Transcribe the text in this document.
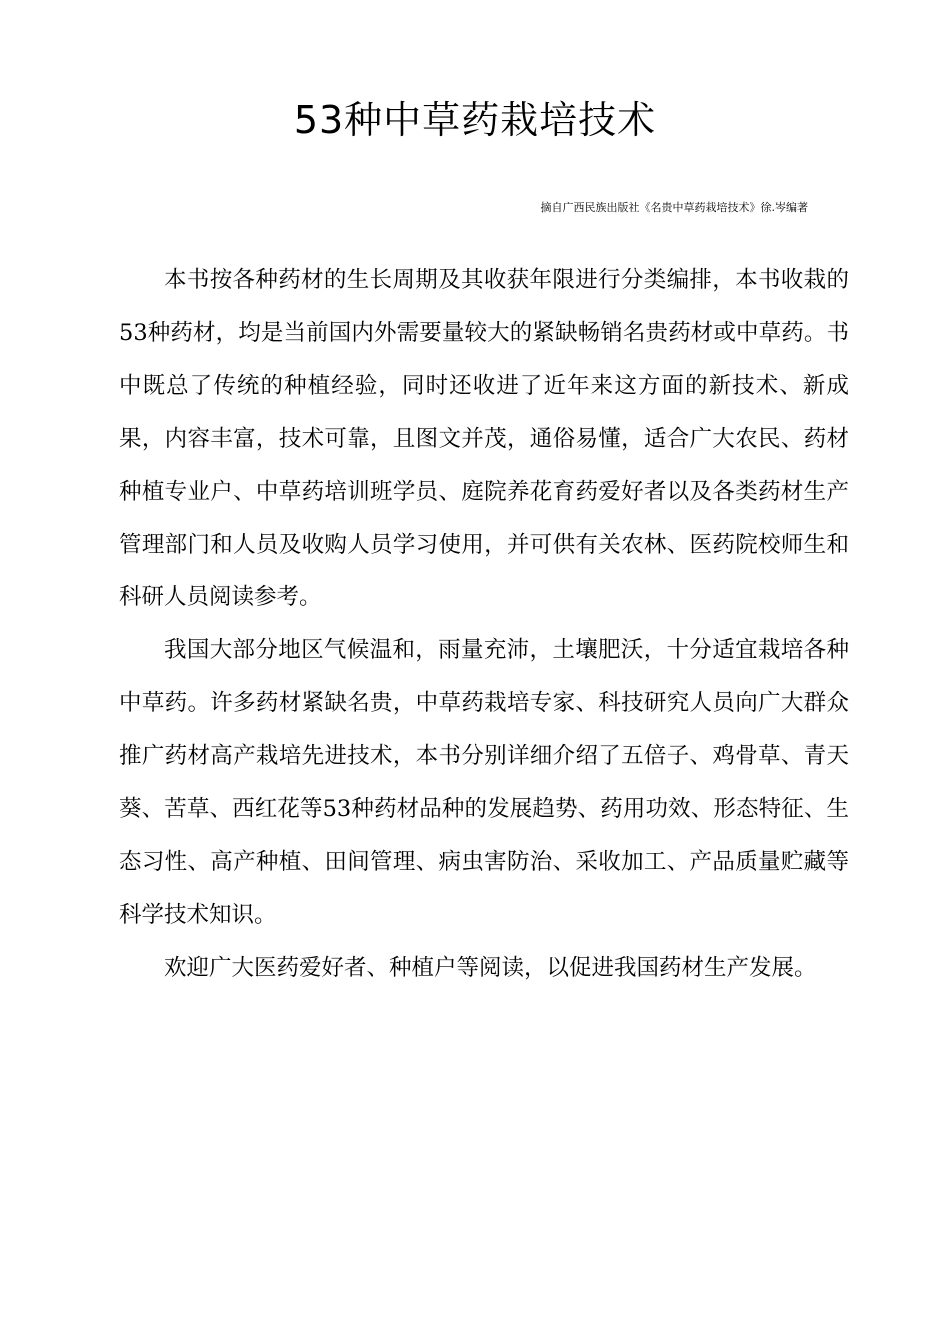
53种中草药栽培技术

摘自广西民族出版社《名贵中草药栽培技术》徐.岑编著

本书按各种药材的生长周期及其收获年限进行分类编排，本书收栽的53种药材，均是当前国内外需要量较大的紧缺畅销名贵药材或中草药。书中既总了传统的种植经验，同时还收进了近年来这方面的新技术、新成果，内容丰富，技术可靠，且图文并茂，通俗易懂，适合广大农民、药材种植专业户、中草药培训班学员、庭院养花育药爱好者以及各类药材生产管理部门和人员及收购人员学习使用，并可供有关农林、医药院校师生和科研人员阅读参考。

我国大部分地区气候温和，雨量充沛，土壤肥沃，十分适宜栽培各种中草药。许多药材紧缺名贵，中草药栽培专家、科技研究人员向广大群众推广药材高产栽培先进技术，本书分别详细介绍了五倍子、鸡骨草、青天葵、苦草、西红花等53种药材品种的发展趋势、药用功效、形态特征、生态习性、高产种植、田间管理、病虫害防治、采收加工、产品质量贮藏等科学技术知识。

欢迎广大医药爱好者、种植户等阅读，以促进我国药材生产发展。
